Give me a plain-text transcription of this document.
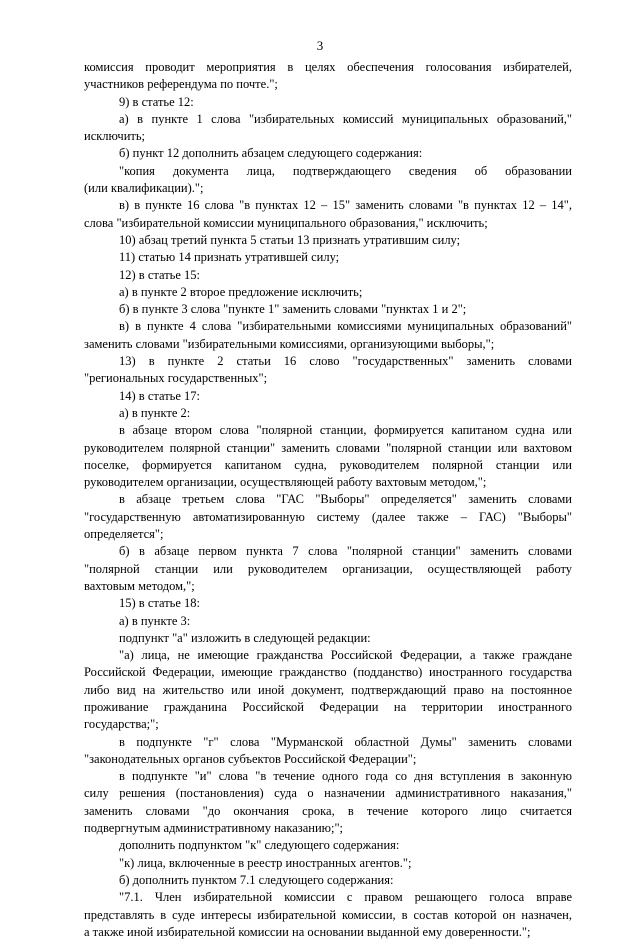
3
комиссия проводит мероприятия в целях обеспечения голосования избирателей,
участников референдума по почте.";
9) в статье 12:
а) в пункте 1 слова "избирательных комиссий муниципальных образований,"
исключить;
б) пункт 12 дополнить абзацем следующего содержания:
"копия документа лица, подтверждающего сведения об образовании
(или квалификации).";
в) в пункте 16 слова "в пунктах 12 – 15" заменить словами "в пунктах 12 – 14",
слова "избирательной комиссии муниципального образования," исключить;
10) абзац третий пункта 5 статьи 13 признать утратившим силу;
11) статью 14 признать утратившей силу;
12) в статье 15:
а) в пункте 2 второе предложение исключить;
б) в пункте 3 слова "пункте 1" заменить словами "пунктах 1 и 2";
в) в пункте 4 слова "избирательными комиссиями муниципальных образований"
заменить словами "избирательными комиссиями, организующими выборы,";
13) в пункте 2 статьи 16 слово "государственных" заменить словами
"региональных государственных";
14) в статье 17:
а) в пункте 2:
в абзаце втором слова "полярной станции, формируется капитаном судна или
руководителем полярной станции" заменить словами "полярной станции или вахтовом
поселке, формируется капитаном судна, руководителем полярной станции или
руководителем организации, осуществляющей работу вахтовым методом,";
в абзаце третьем слова "ГАС "Выборы" определяется" заменить словами
"государственную автоматизированную систему (далее также – ГАС) "Выборы"
определяется";
б) в абзаце первом пункта 7 слова "полярной станции" заменить словами
"полярной станции или руководителем организации, осуществляющей работу
вахтовым методом,";
15) в статье 18:
а) в пункте 3:
подпункт "а" изложить в следующей редакции:
"а) лица, не имеющие гражданства Российской Федерации, а также граждане
Российской Федерации, имеющие гражданство (подданство) иностранного государства
либо вид на жительство или иной документ, подтверждающий право на постоянное
проживание гражданина Российской Федерации на территории иностранного
государства;";
в подпункте "г" слова "Мурманской областной Думы" заменить словами
"законодательных органов субъектов Российской Федерации";
в подпункте "и" слова "в течение одного года со дня вступления в законную
силу решения (постановления) суда о назначении административного наказания,"
заменить словами "до окончания срока, в течение которого лицо считается
подвергнутым административному наказанию;";
дополнить подпунктом "к" следующего содержания:
"к) лица, включенные в реестр иностранных агентов.";
б) дополнить пунктом 7.1 следующего содержания:
"7.1. Член избирательной комиссии с правом решающего голоса вправе
представлять в суде интересы избирательной комиссии, в состав которой он назначен,
а также иной избирательной комиссии на основании выданной ему доверенности.";
